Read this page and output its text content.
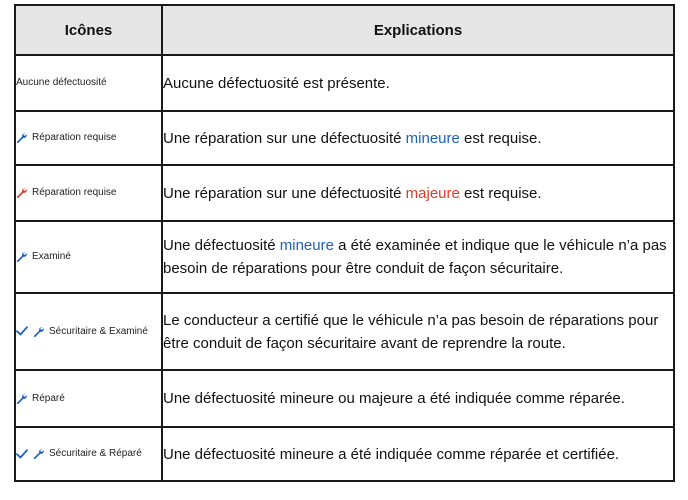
Icônes	Explications
Aucune défectuosité	Aucune défectuosité est présente.

Réparation requise	Une réparation sur une défectuosité mineure est requise.

Réparation requise	Une réparation sur une défectuosité majeure est requise.

Examiné	Une défectuosité mineure a été examinée et indique que le véhicule n’a pas besoin de réparations pour être conduit de façon sécuritaire.

Sécuritaire & Examiné	Le conducteur a certifié que le véhicule n’a pas besoin de réparations pour être conduit de façon sécuritaire avant de reprendre la route.

Réparé	Une défectuosité mineure ou majeure a été indiquée comme réparée.

Sécuritaire & Réparé	Une défectuosité mineure a été indiquée comme réparée et certifiée.
